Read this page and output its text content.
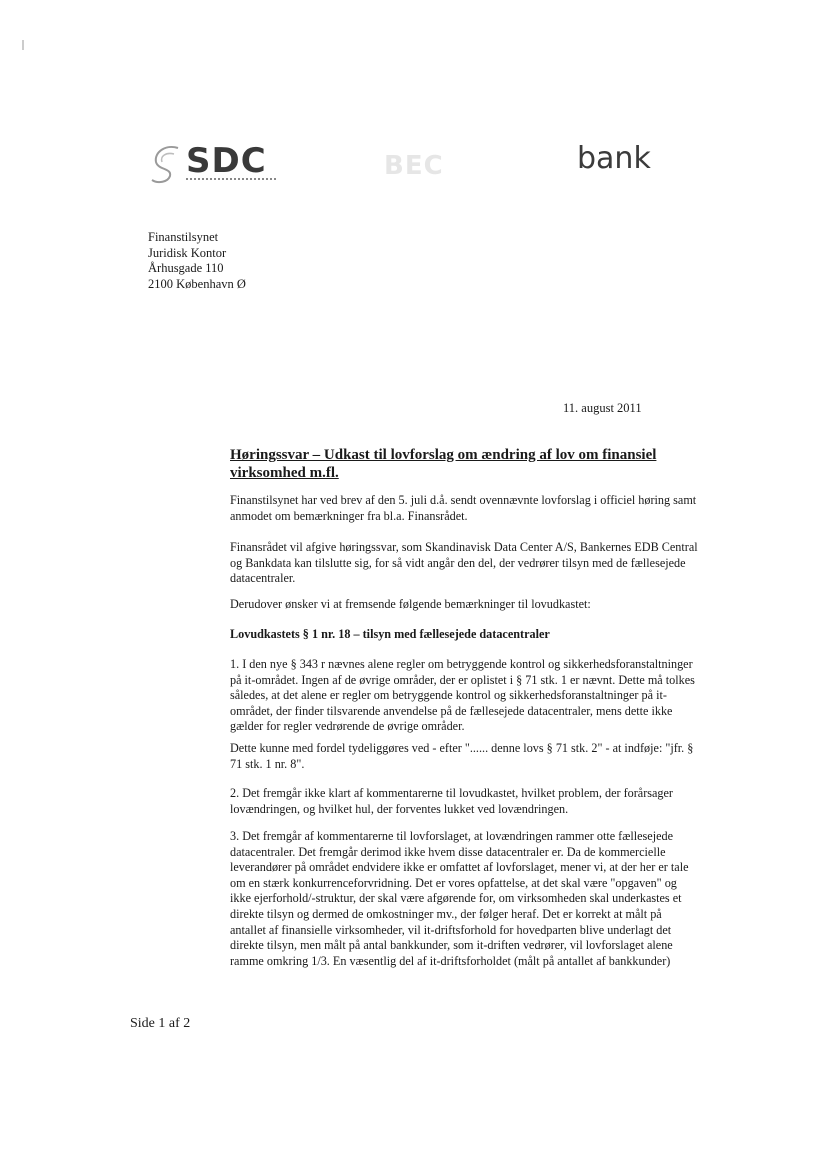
SDC	BEC	bank
Finanstilsynet
Juridisk Kontor
Århusgade 110
2100 København Ø
11. august 2011
Høringssvar – Udkast til lovforslag om ændring af lov om finansiel virksomhed m.fl.
Finanstilsynet har ved brev af den 5. juli d.å. sendt ovennævnte lovforslag i officiel høring samt anmodet om bemærkninger fra bl.a. Finansrådet.
Finansrådet vil afgive høringssvar, som Skandinavisk Data Center A/S, Bankernes EDB Central og Bankdata kan tilslutte sig, for så vidt angår den del, der vedrører tilsyn med de fællesejede datacentraler.
Derudover ønsker vi at fremsende følgende bemærkninger til lovudkastet:
Lovudkastets § 1 nr. 18 – tilsyn med fællesejede datacentraler
1. I den nye § 343 r nævnes alene regler om betryggende kontrol og sikkerhedsforanstaltninger på it-området. Ingen af de øvrige områder, der er oplistet i § 71 stk. 1 er nævnt. Dette må tolkes således, at det alene er regler om betryggende kontrol og sikkerhedsforanstaltninger på it-området, der finder tilsvarende anvendelse på de fællesejede datacentraler, mens dette ikke gælder for regler vedrørende de øvrige områder.
Dette kunne med fordel tydeliggøres ved - efter "...... denne lovs § 71 stk. 2" - at indføje: "jfr. § 71 stk. 1 nr. 8".
2. Det fremgår ikke klart af kommentarerne til lovudkastet, hvilket problem, der forårsager lovændringen, og hvilket hul, der forventes lukket ved lovændringen.
3. Det fremgår af kommentarerne til lovforslaget, at lovændringen rammer otte fællesejede datacentraler. Det fremgår derimod ikke hvem disse datacentraler er. Da de kommercielle leverandører på området endvidere ikke er omfattet af lovforslaget, mener vi, at der her er tale om en stærk konkurrenceforvridning. Det er vores opfattelse, at det skal være "opgaven" og ikke ejerforhold/-struktur, der skal være afgørende for, om virksomheden skal underkastes et direkte tilsyn og dermed de omkostninger mv., der følger heraf. Det er korrekt at målt på antallet af finansielle virksomheder, vil it-driftsforhold for hovedparten blive underlagt det direkte tilsyn, men målt på antal bankkunder, som it-driften vedrører, vil lovforslaget alene ramme omkring 1/3. En væsentlig del af it-driftsforholdet (målt på antallet af bankkunder)
Side 1 af 2
